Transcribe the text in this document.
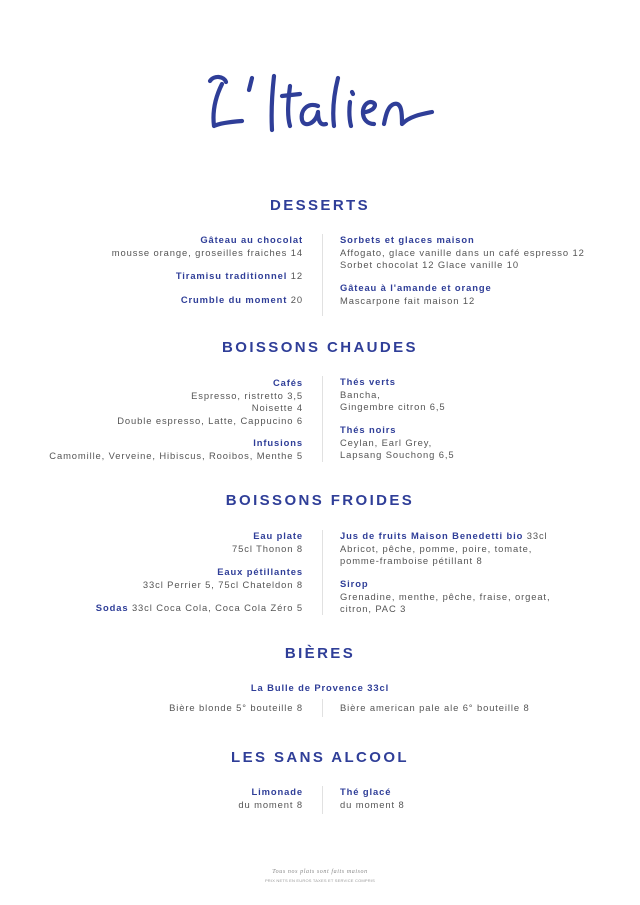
DESSERTS
Gâteau au chocolat
mousse orange, groseilles fraiches 14
Tiramisu traditionnel 12
Crumble du moment 20
Sorbets et glaces maison
Affogato, glace vanille dans un café espresso 12
Sorbet chocolat 12 Glace vanille 10
Gâteau à l'amande et orange
Mascarpone fait maison 12
BOISSONS CHAUDES
Cafés
Espresso, ristretto 3,5
Noisette 4
Double espresso, Latte, Cappucino 6
Infusions
Camomille, Verveine, Hibiscus, Rooibos, Menthe 5
Thés verts
Bancha,
Gingembre citron 6,5
Thés noirs
Ceylan, Earl Grey,
Lapsang Souchong 6,5
BOISSONS FROIDES
Eau plate
75cl Thonon 8
Eaux pétillantes
33cl Perrier 5, 75cl Chateldon 8
Sodas 33cl Coca Cola, Coca Cola Zéro 5
Jus de fruits Maison Benedetti bio 33cl
Abricot, pêche, pomme, poire, tomate,
pomme-framboise pétillant 8
Sirop
Grenadine, menthe, pêche, fraise, orgeat,
citron, PAC 3
BIÈRES
La Bulle de Provence 33cl
Bière blonde 5° bouteille 8	Bière american pale ale 6° bouteille 8
LES SANS ALCOOL
Limonade
du moment 8
Thé glacé
du moment 8
Tous nos plats sont faits maison
PRIX NETS EN EUROS TAXES ET SERVICE COMPRIS
